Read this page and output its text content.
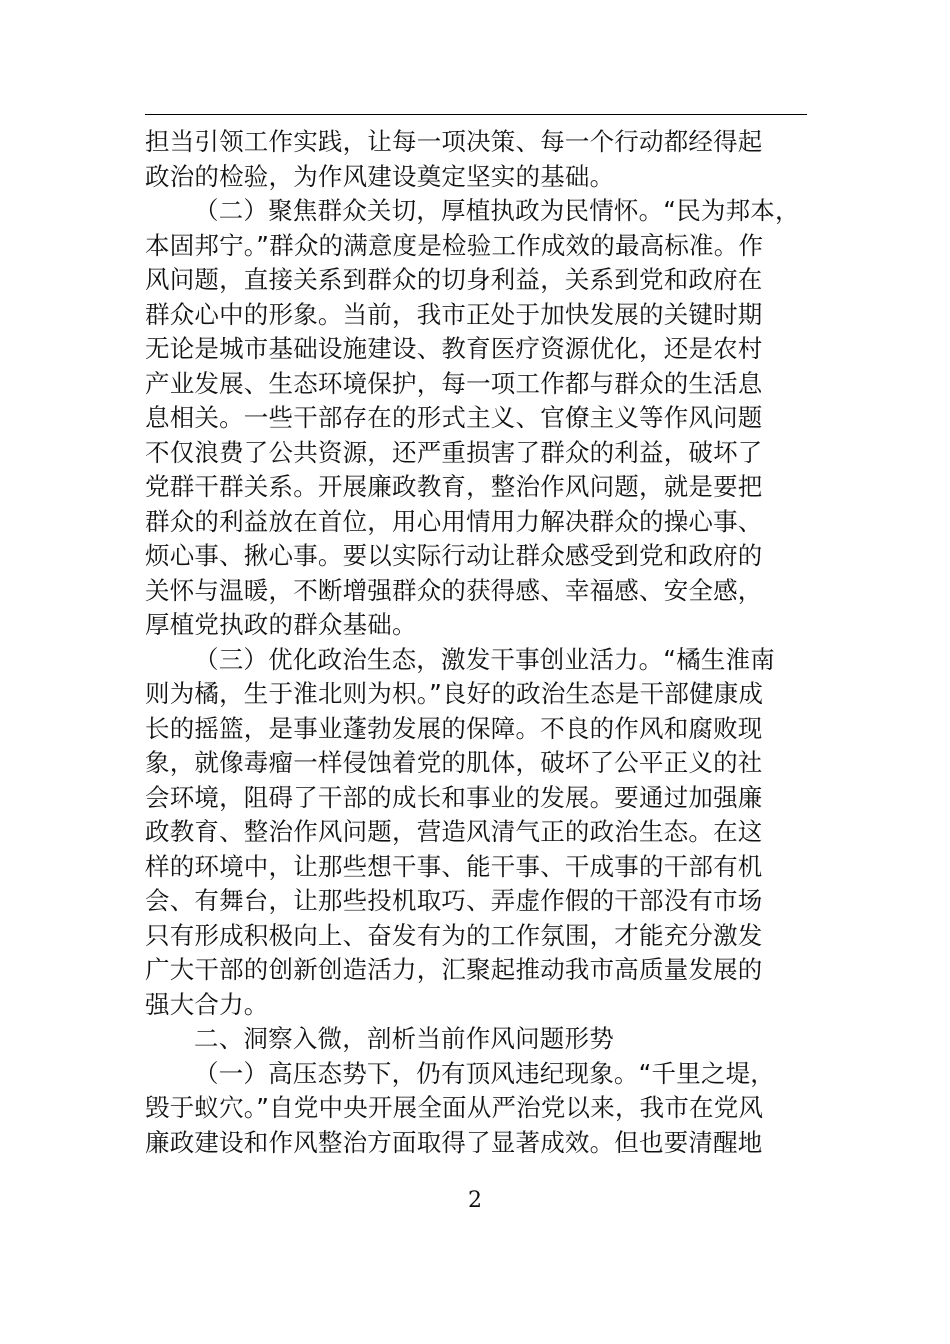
担当引领工作实践，让每一项决策、每一个行动都经得起
政治的检验，为作风建设奠定坚实的基础。
（二）聚焦群众关切，厚植执政为民情怀。“民为邦本，
本固邦宁。”群众的满意度是检验工作成效的最高标准。作
风问题，直接关系到群众的切身利益，关系到党和政府在
群众心中的形象。当前，我市正处于加快发展的关键时期
无论是城市基础设施建设、教育医疗资源优化，还是农村
产业发展、生态环境保护，每一项工作都与群众的生活息
息相关。一些干部存在的形式主义、官僚主义等作风问题
不仅浪费了公共资源，还严重损害了群众的利益，破坏了
党群干群关系。开展廉政教育，整治作风问题，就是要把
群众的利益放在首位，用心用情用力解决群众的操心事、
烦心事、揪心事。要以实际行动让群众感受到党和政府的
关怀与温暖，不断增强群众的获得感、幸福感、安全感，
厚植党执政的群众基础。
（三）优化政治生态，激发干事创业活力。“橘生淮南
则为橘，生于淮北则为枳。”良好的政治生态是干部健康成
长的摇篮，是事业蓬勃发展的保障。不良的作风和腐败现
象，就像毒瘤一样侵蚀着党的肌体，破坏了公平正义的社
会环境，阻碍了干部的成长和事业的发展。要通过加强廉
政教育、整治作风问题，营造风清气正的政治生态。在这
样的环境中，让那些想干事、能干事、干成事的干部有机
会、有舞台，让那些投机取巧、弄虚作假的干部没有市场
只有形成积极向上、奋发有为的工作氛围，才能充分激发
广大干部的创新创造活力，汇聚起推动我市高质量发展的
强大合力。
二、洞察入微，剖析当前作风问题形势
（一）高压态势下，仍有顶风违纪现象。“千里之堤，
毁于蚁穴。”自党中央开展全面从严治党以来，我市在党风
廉政建设和作风整治方面取得了显著成效。但也要清醒地
2
